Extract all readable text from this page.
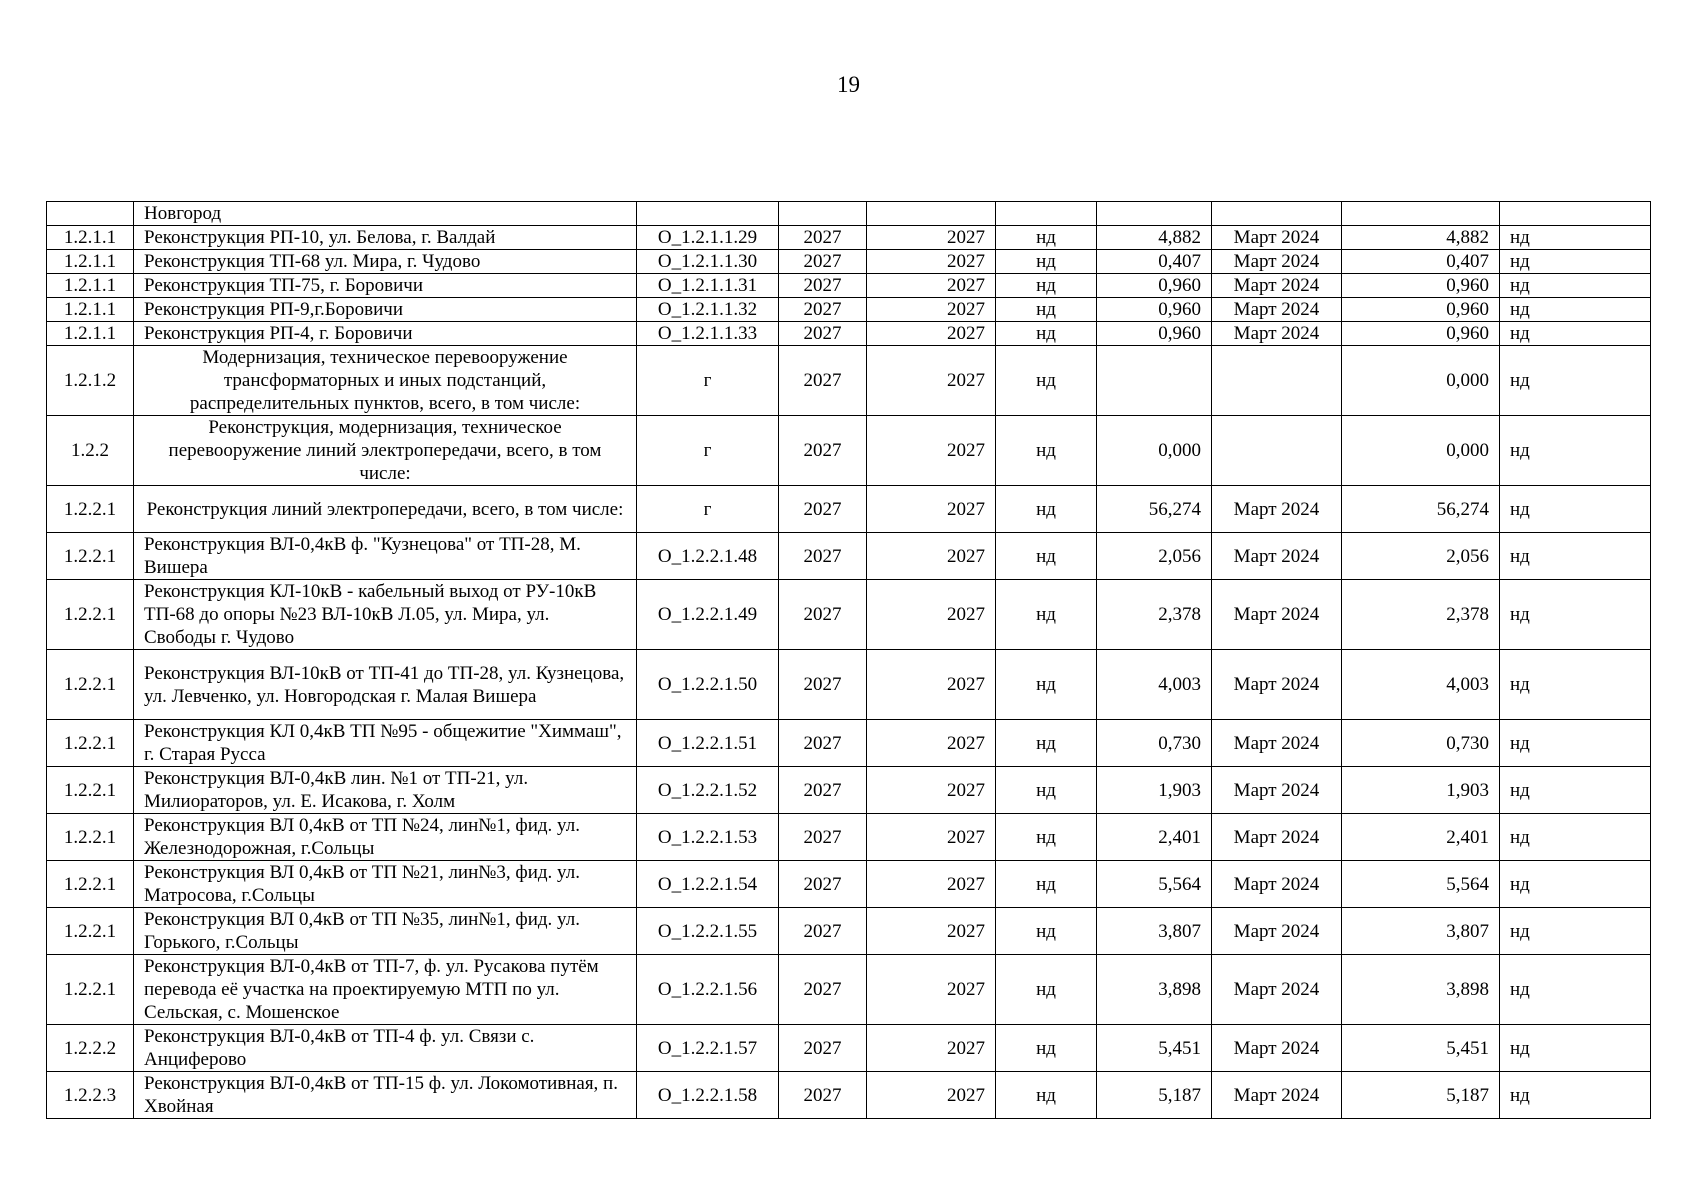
19
	Новгород								
1.2.1.1	Реконструкция РП-10, ул. Белова, г. Валдай	О_1.2.1.1.29	2027	2027	нд	4,882	Март 2024	4,882	нд
1.2.1.1	Реконструкция ТП-68 ул. Мира, г. Чудово	О_1.2.1.1.30	2027	2027	нд	0,407	Март 2024	0,407	нд
1.2.1.1	Реконструкция ТП-75, г. Боровичи	О_1.2.1.1.31	2027	2027	нд	0,960	Март 2024	0,960	нд
1.2.1.1	Реконструкция РП-9,г.Боровичи	О_1.2.1.1.32	2027	2027	нд	0,960	Март 2024	0,960	нд
1.2.1.1	Реконструкция РП-4, г. Боровичи	О_1.2.1.1.33	2027	2027	нд	0,960	Март 2024	0,960	нд
1.2.1.2	Модернизация, техническое перевооружение трансформаторных и иных подстанций, распределительных пунктов, всего, в том числе:	г	2027	2027	нд			0,000	нд
1.2.2	Реконструкция, модернизация, техническое перевооружение линий электропередачи, всего, в том числе:	г	2027	2027	нд	0,000		0,000	нд
1.2.2.1	Реконструкция линий электропередачи, всего, в том числе:	г	2027	2027	нд	56,274	Март 2024	56,274	нд
1.2.2.1	Реконструкция ВЛ-0,4кВ ф. "Кузнецова" от ТП-28, М. Вишера	О_1.2.2.1.48	2027	2027	нд	2,056	Март 2024	2,056	нд
1.2.2.1	Реконструкция КЛ-10кВ - кабельный выход от РУ-10кВ ТП-68 до опоры №23 ВЛ-10кВ Л.05, ул. Мира, ул. Свободы г. Чудово	О_1.2.2.1.49	2027	2027	нд	2,378	Март 2024	2,378	нд
1.2.2.1	Реконструкция ВЛ-10кВ от ТП-41 до ТП-28, ул. Кузнецова, ул. Левченко, ул. Новгородская г. Малая Вишера	О_1.2.2.1.50	2027	2027	нд	4,003	Март 2024	4,003	нд
1.2.2.1	Реконструкция КЛ 0,4кВ ТП №95 - общежитие "Химмаш", г. Старая Русса	О_1.2.2.1.51	2027	2027	нд	0,730	Март 2024	0,730	нд
1.2.2.1	Реконструкция ВЛ-0,4кВ лин. №1 от ТП-21, ул. Милиораторов, ул. Е. Исакова, г. Холм	О_1.2.2.1.52	2027	2027	нд	1,903	Март 2024	1,903	нд
1.2.2.1	Реконструкция ВЛ 0,4кВ от ТП №24, лин№1, фид. ул. Железнодорожная, г.Сольцы	О_1.2.2.1.53	2027	2027	нд	2,401	Март 2024	2,401	нд
1.2.2.1	Реконструкция ВЛ 0,4кВ от ТП №21, лин№3, фид. ул. Матросова, г.Сольцы	О_1.2.2.1.54	2027	2027	нд	5,564	Март 2024	5,564	нд
1.2.2.1	Реконструкция ВЛ 0,4кВ от ТП №35, лин№1, фид. ул. Горького, г.Сольцы	О_1.2.2.1.55	2027	2027	нд	3,807	Март 2024	3,807	нд
1.2.2.1	Реконструкция ВЛ-0,4кВ от ТП-7, ф. ул. Русакова путём перевода её участка на проектируемую МТП по ул. Сельская, с. Мошенское	О_1.2.2.1.56	2027	2027	нд	3,898	Март 2024	3,898	нд
1.2.2.2	Реконструкция ВЛ-0,4кВ от ТП-4 ф. ул. Связи с. Анциферово	О_1.2.2.1.57	2027	2027	нд	5,451	Март 2024	5,451	нд
1.2.2.3	Реконструкция ВЛ-0,4кВ от ТП-15 ф. ул. Локомотивная, п. Хвойная	О_1.2.2.1.58	2027	2027	нд	5,187	Март 2024	5,187	нд
